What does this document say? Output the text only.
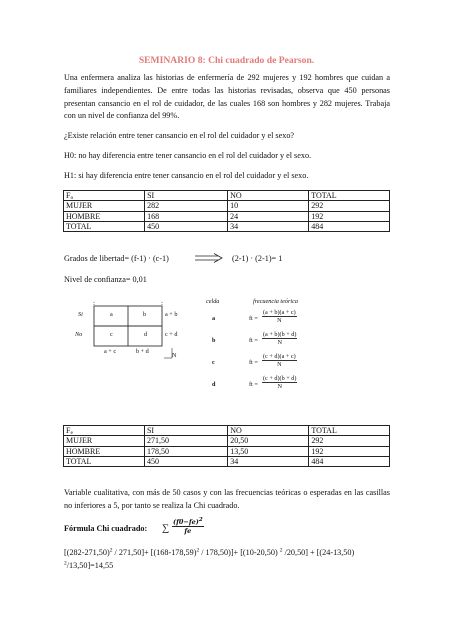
SEMINARIO 8: Chi cuadrado de Pearson.

Una enfermera analiza las historias de enfermería de 292 mujeres y 192 hombres que cuidan a familiares independientes. De entre todas las historias revisadas, observa que 450 personas presentan cansancio en el rol de cuidador, de las cuales 168 son hombres y 282 mujeres. Trabaja con un nivel de confianza del 99%.

¿Existe relación entre tener cansancio en el rol del cuidador y el sexo?
H0: no hay diferencia entre tener cansancio en el rol del cuidador y el sexo.
H1: si hay diferencia entre tener cansancio en el rol del cuidador y el sexo.
$F_o$	SI	NO	TOTAL
MUJER	282	10	292
HOMBRE	168	24	192
TOTAL	450	34	484
Grados de libertad= (f-1) · (c-1)	(2-1) · (2-1)= 1
Nivel de confianza= 0,01
Si
No
a	b
c	d
a + b
c + d
a + c	b + d
N
celda	frecuencia teórica
a	ft = $\frac{(a + b)(a + c)}{N}$
b	ft = $\frac{(a + b)(b + d)}{N}$
c	ft = $\frac{(c + d)(a + c)}{N}$
d	ft = $\frac{(c + d)(b + d)}{N}$
$F_e$	SI	NO	TOTAL
MUJER	271,50	20,50	292
HOMBRE	178,50	13,50	192
TOTAL	450	34	484

Variable cualitativa, con más de 50 casos y con las frecuencias teóricas o esperadas en las casillas no inferiores a 5, por tanto se realiza la Chi cuadrado.

Fórmula Chi cuadrado: ∑ $\frac{(f0-fe)^2}{fe}$
$[(282-271,50)^2 / 271,50]+ [(168-178,59)^2 / 178,50)]+ [(10-20,50)$ $^2$ /20,50] + [(24-13,50)
$^2$/13,50]=14,55
